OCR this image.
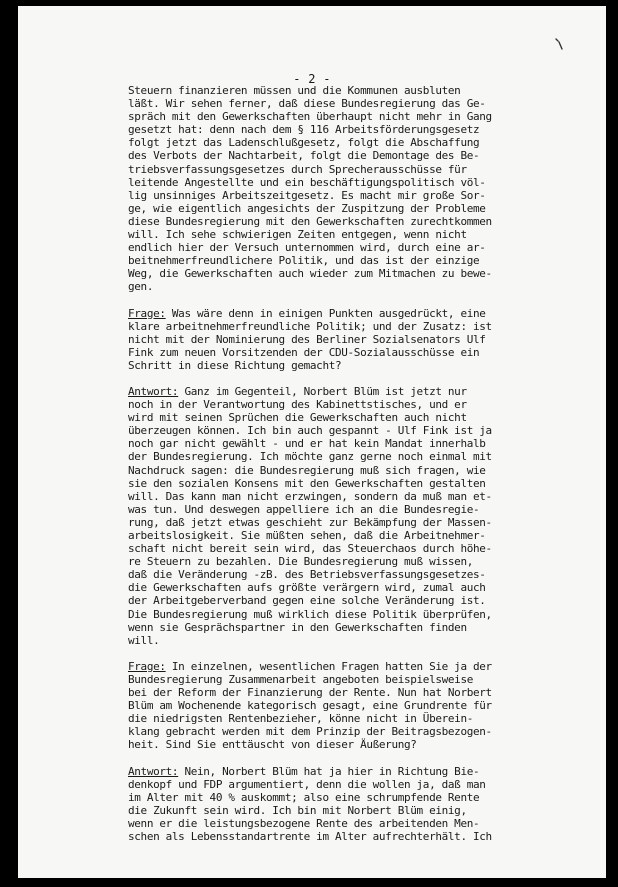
- 2 -
Steuern finanzieren müssen und die Kommunen ausbluten
läßt. Wir sehen ferner, daß diese Bundesregierung das Ge-
spräch mit den Gewerkschaften überhaupt nicht mehr in Gang
gesetzt hat: denn nach dem § 116 Arbeitsförderungsgesetz
folgt jetzt das Ladenschlußgesetz, folgt die Abschaffung
des Verbots der Nachtarbeit, folgt die Demontage des Be-
triebsverfassungsgesetzes durch Sprecherausschüsse für
leitende Angestellte und ein beschäftigungspolitisch völ-
lig unsinniges Arbeitszeitgesetz. Es macht mir große Sor-
ge, wie eigentlich angesichts der Zuspitzung der Probleme
diese Bundesregierung mit den Gewerkschaften zurechtkommen
will. Ich sehe schwierigen Zeiten entgegen, wenn nicht
endlich hier der Versuch unternommen wird, durch eine ar-
beitnehmerfreundlichere Politik, und das ist der einzige
Weg, die Gewerkschaften auch wieder zum Mitmachen zu bewe-
gen.
Frage: Was wäre denn in einigen Punkten ausgedrückt, eine
klare arbeitnehmerfreundliche Politik; und der Zusatz: ist
nicht mit der Nominierung des Berliner Sozialsenators Ulf
Fink zum neuen Vorsitzenden der CDU-Sozialausschüsse ein
Schritt in diese Richtung gemacht?
Antwort: Ganz im Gegenteil, Norbert Blüm ist jetzt nur
noch in der Verantwortung des Kabinettstisches, und er
wird mit seinen Sprüchen die Gewerkschaften auch nicht
überzeugen können. Ich bin auch gespannt - Ulf Fink ist ja
noch gar nicht gewählt - und er hat kein Mandat innerhalb
der Bundesregierung. Ich möchte ganz gerne noch einmal mit
Nachdruck sagen: die Bundesregierung muß sich fragen, wie
sie den sozialen Konsens mit den Gewerkschaften gestalten
will. Das kann man nicht erzwingen, sondern da muß man et-
was tun. Und deswegen appelliere ich an die Bundesregie-
rung, daß jetzt etwas geschieht zur Bekämpfung der Massen-
arbeitslosigkeit. Sie müßten sehen, daß die Arbeitnehmer-
schaft nicht bereit sein wird, das Steuerchaos durch höhe-
re Steuern zu bezahlen. Die Bundesregierung muß wissen,
daß die Veränderung -zB. des Betriebsverfassungsgesetzes-
die Gewerkschaften aufs größte verärgern wird, zumal auch
der Arbeitgeberverband gegen eine solche Veränderung ist.
Die Bundesregierung muß wirklich diese Politik überprüfen,
wenn sie Gesprächspartner in den Gewerkschaften finden
will.
Frage: In einzelnen, wesentlichen Fragen hatten Sie ja der
Bundesregierung Zusammenarbeit angeboten beispielsweise
bei der Reform der Finanzierung der Rente. Nun hat Norbert
Blüm am Wochenende kategorisch gesagt, eine Grundrente für
die niedrigsten Rentenbezieher, könne nicht in Überein-
klang gebracht werden mit dem Prinzip der Beitragsbezogen-
heit. Sind Sie enttäuscht von dieser Äußerung?
Antwort: Nein, Norbert Blüm hat ja hier in Richtung Bie-
denkopf und FDP argumentiert, denn die wollen ja, daß man
im Alter mit 40 % auskommt; also eine schrumpfende Rente
die Zukunft sein wird. Ich bin mit Norbert Blüm einig,
wenn er die leistungsbezogene Rente des arbeitenden Men-
schen als Lebensstandartrente im Alter aufrechterhält. Ich
